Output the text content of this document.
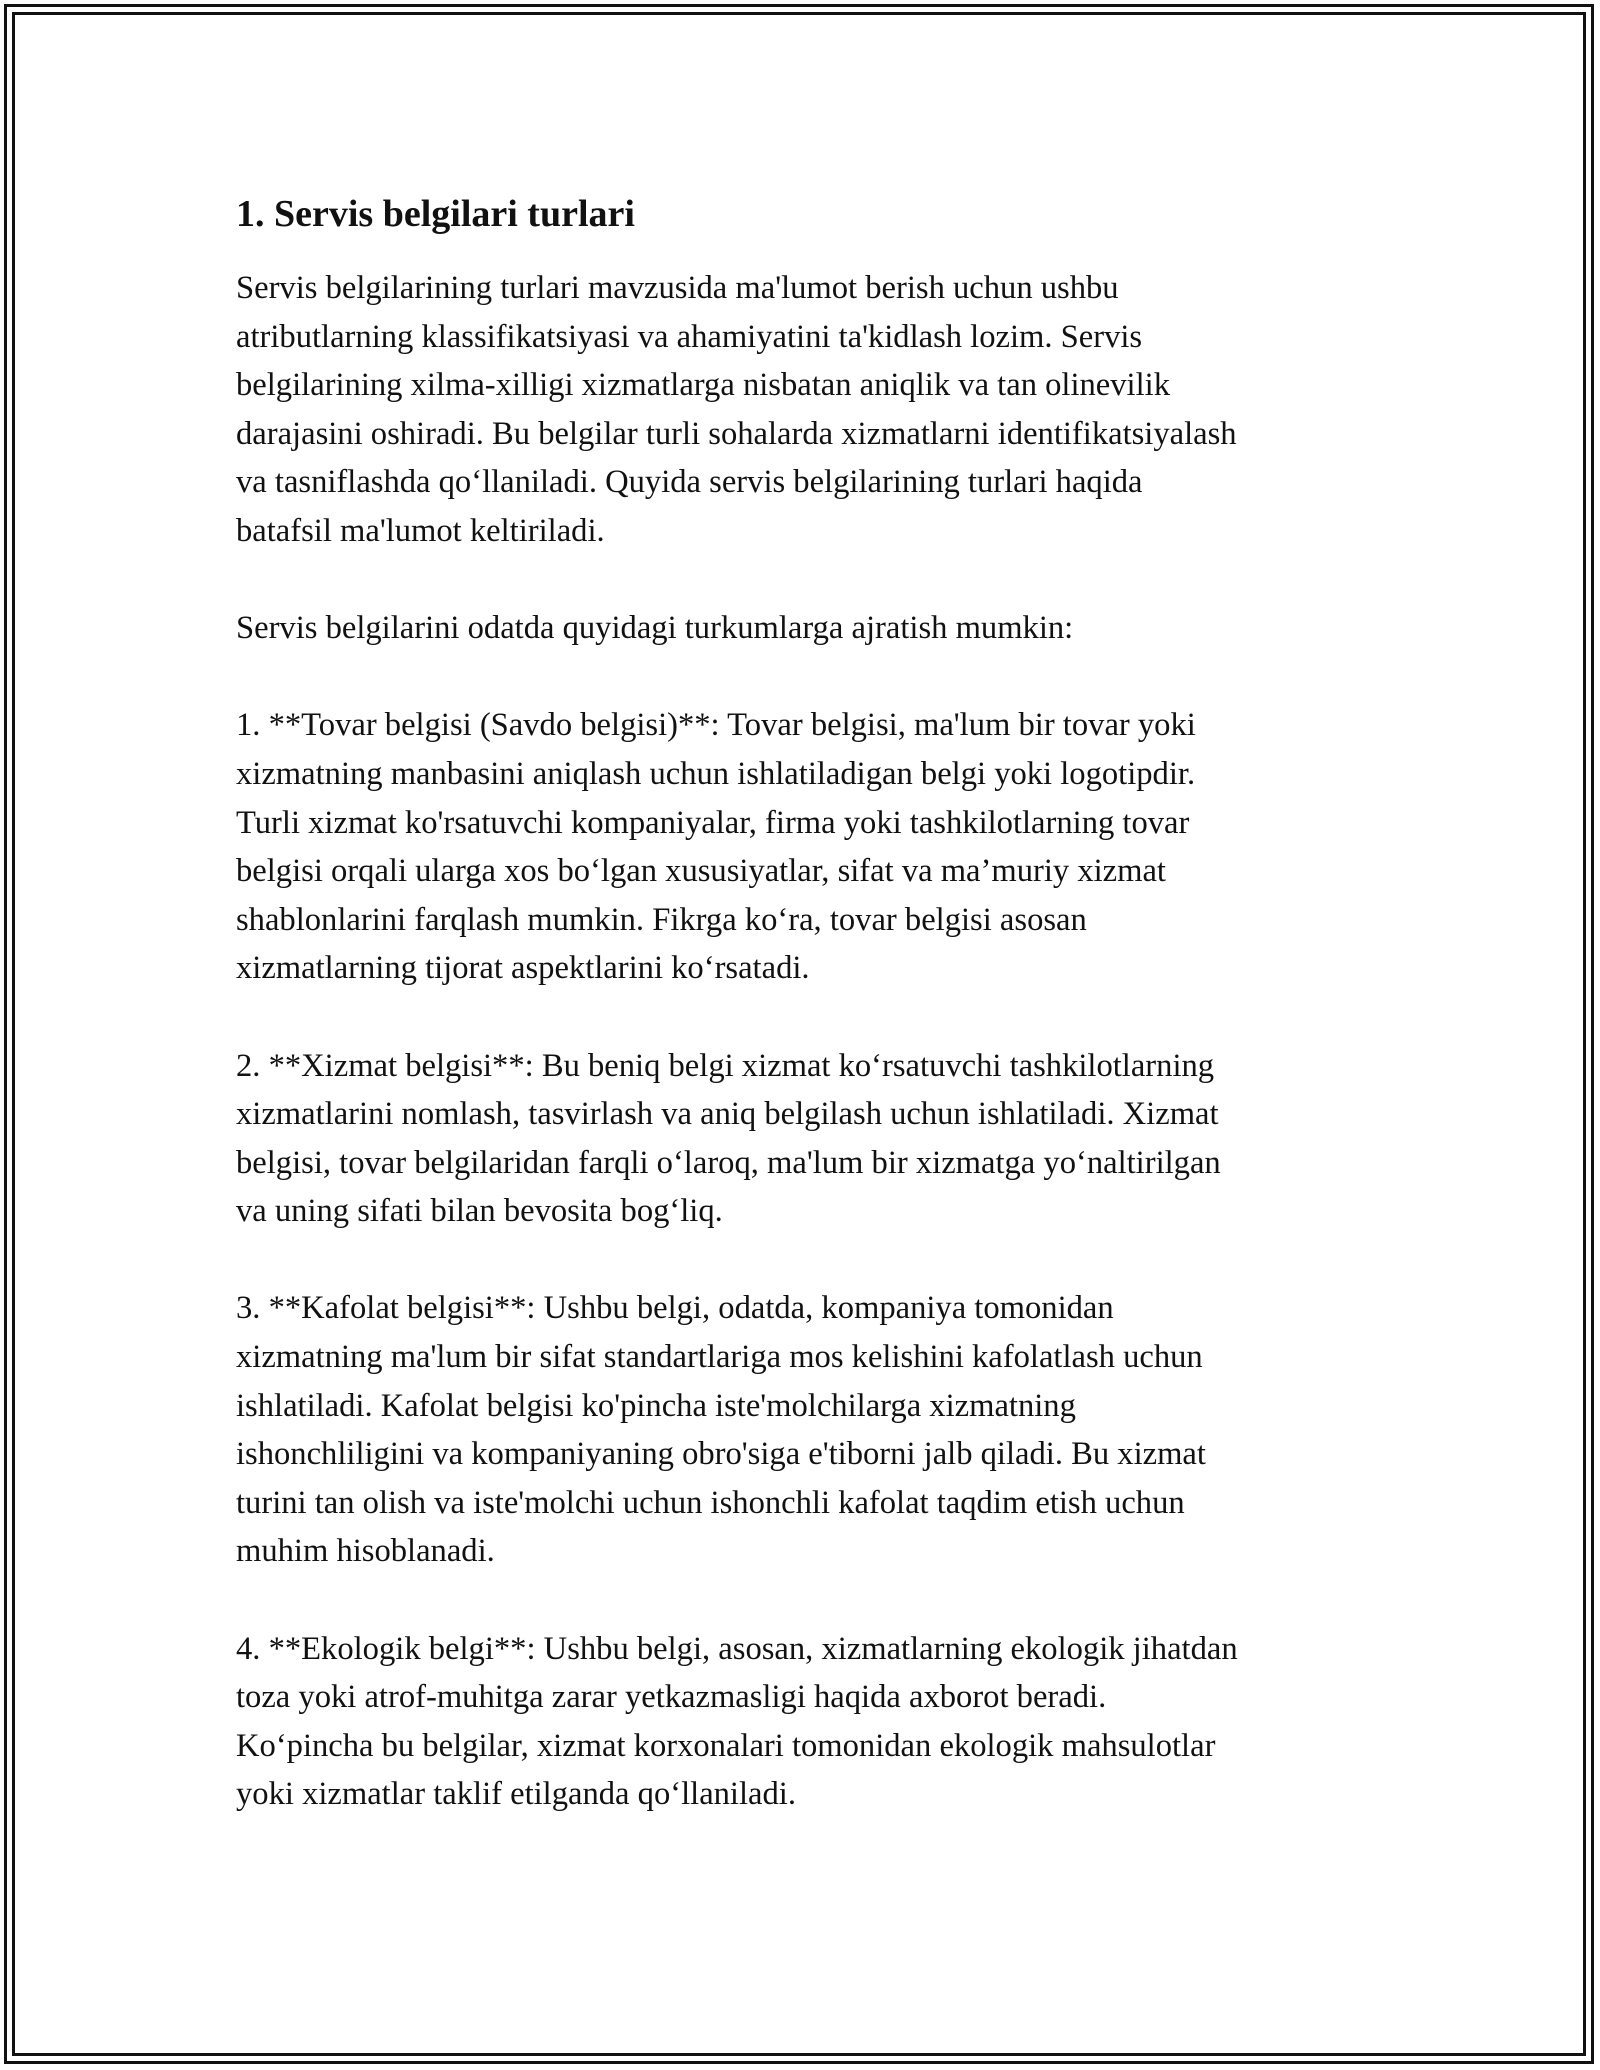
1. Servis belgilari turlari

Servis belgilarining turlari mavzusida ma'lumot berish uchun ushbu
atributlarning klassifikatsiyasi va ahamiyatini ta'kidlash lozim. Servis
belgilarining xilma-xilligi xizmatlarga nisbatan aniqlik va tan olinevilik
darajasini oshiradi. Bu belgilar turli sohalarda xizmatlarni identifikatsiyalash
va tasniflashda qo‘llaniladi. Quyida servis belgilarining turlari haqida
batafsil ma'lumot keltiriladi.

Servis belgilarini odatda quyidagi turkumlarga ajratish mumkin:

1. **Tovar belgisi (Savdo belgisi)**: Tovar belgisi, ma'lum bir tovar yoki
xizmatning manbasini aniqlash uchun ishlatiladigan belgi yoki logotipdir.
Turli xizmat ko'rsatuvchi kompaniyalar, firma yoki tashkilotlarning tovar
belgisi orqali ularga xos bo‘lgan xususiyatlar, sifat va ma’muriy xizmat
shablonlarini farqlash mumkin. Fikrga ko‘ra, tovar belgisi asosan
xizmatlarning tijorat aspektlarini ko‘rsatadi.

2. **Xizmat belgisi**: Bu beniq belgi xizmat ko‘rsatuvchi tashkilotlarning
xizmatlarini nomlash, tasvirlash va aniq belgilash uchun ishlatiladi. Xizmat
belgisi, tovar belgilaridan farqli o‘laroq, ma'lum bir xizmatga yo‘naltirilgan
va uning sifati bilan bevosita bog‘liq.

3. **Kafolat belgisi**: Ushbu belgi, odatda, kompaniya tomonidan
xizmatning ma'lum bir sifat standartlariga mos kelishini kafolatlash uchun
ishlatiladi. Kafolat belgisi ko'pincha iste'molchilarga xizmatning
ishonchliligini va kompaniyaning obro'siga e'tiborni jalb qiladi. Bu xizmat
turini tan olish va iste'molchi uchun ishonchli kafolat taqdim etish uchun
muhim hisoblanadi.

4. **Ekologik belgi**: Ushbu belgi, asosan, xizmatlarning ekologik jihatdan
toza yoki atrof-muhitga zarar yetkazmasligi haqida axborot beradi.
Ko‘pincha bu belgilar, xizmat korxonalari tomonidan ekologik mahsulotlar
yoki xizmatlar taklif etilganda qo‘llaniladi.
